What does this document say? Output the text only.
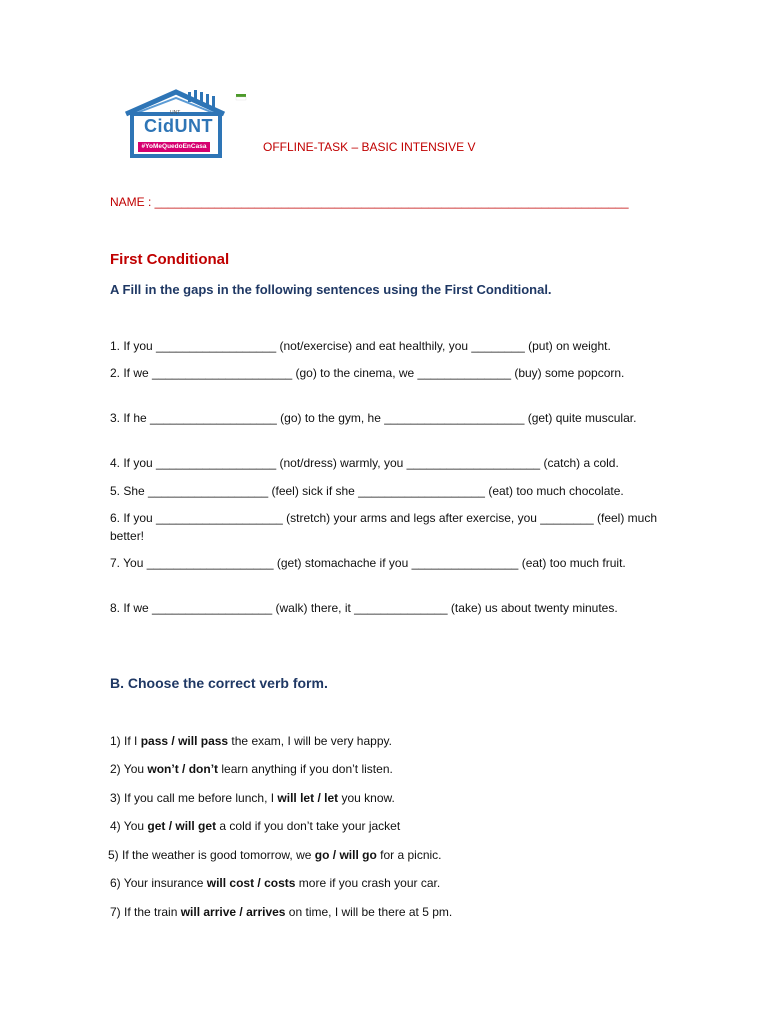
UNT
CidUNT
#YoMeQuedoEnCasa	OFFLINE-TASK – BASIC INTENSIVE V
NAME : _______________________________________________________________________
First Conditional
A Fill in the gaps in the following sentences using the First Conditional.
1. If you __________________ (not/exercise) and eat healthily, you ________ (put) on weight.
2. If we _____________________ (go) to the cinema, we ______________ (buy) some popcorn.
3. If he ___________________ (go) to the gym, he _____________________ (get) quite muscular.
4. If you __________________ (not/dress) warmly, you ____________________ (catch) a cold.
5. She __________________ (feel) sick if she ___________________ (eat) too much chocolate.
6. If you ___________________ (stretch) your arms and legs after exercise, you ________ (feel) much better!
7. You ___________________ (get) stomachache if you ________________ (eat) too much fruit.
8. If we __________________ (walk) there, it ______________ (take) us about twenty minutes.
B. Choose the correct verb form.
1) If I pass / will pass the exam, I will be very happy.
2) You won’t / don’t learn anything if you don’t listen.
3) If you call me before lunch, I will let / let you know.
4) You get / will get a cold if you don’t take your jacket
5) If the weather is good tomorrow, we go / will go for a picnic.
6) Your insurance will cost / costs more if you crash your car.
7) If the train will arrive / arrives on time, I will be there at 5 pm.
